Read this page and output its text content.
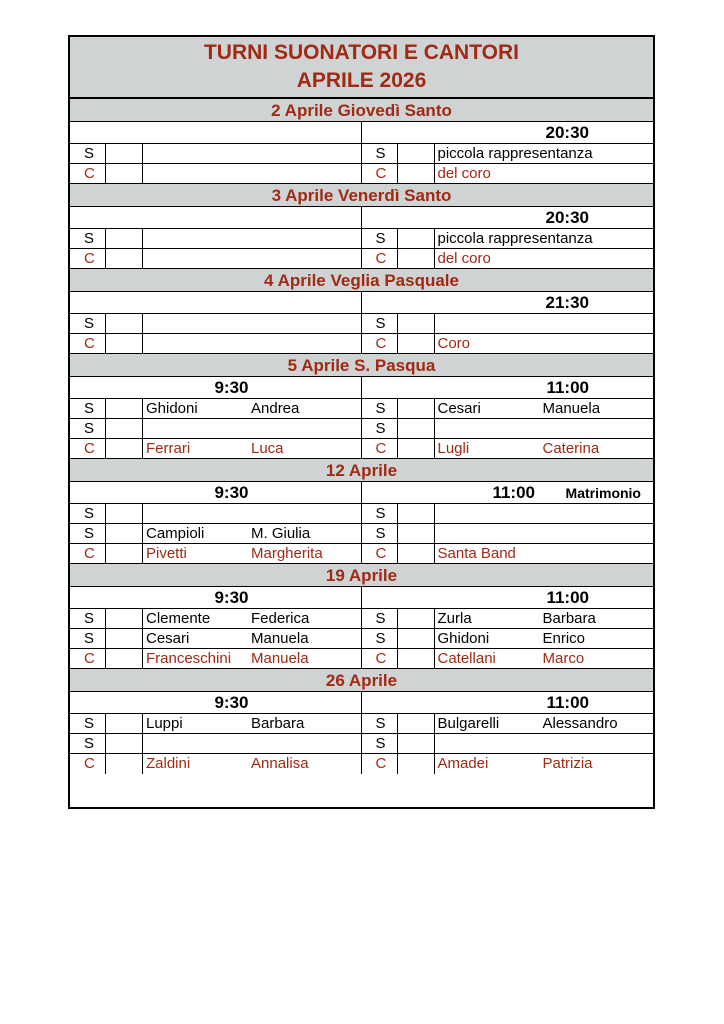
TURNI SUONATORI E CANTORI
APRILE 2026
2 Aprile Giovedì Santo
20:30
S	S	piccola rappresentanza
C	C	del coro
3 Aprile Venerdì Santo
20:30
S	S	piccola rappresentanza
C	C	del coro
4 Aprile Veglia Pasquale
21:30
S	S
C	C	Coro
5 Aprile S. Pasqua
9:30	11:00
S	Ghidoni	Andrea	S	Cesari	Manuela
S	S
C	Ferrari	Luca	C	Lugli	Caterina
12 Aprile
9:30	11:00 Matrimonio
S	S
S	Campioli	M. Giulia	S
C	Pivetti	Margherita	C	Santa Band
19 Aprile
9:30	11:00
S	Clemente	Federica	S	Zurla	Barbara
S	Cesari	Manuela	S	Ghidoni	Enrico
C	Franceschini	Manuela	C	Catellani	Marco
26 Aprile
9:30	11:00
S	Luppi	Barbara	S	Bulgarelli	Alessandro
S	S
C	Zaldini	Annalisa	C	Amadei	Patrizia
